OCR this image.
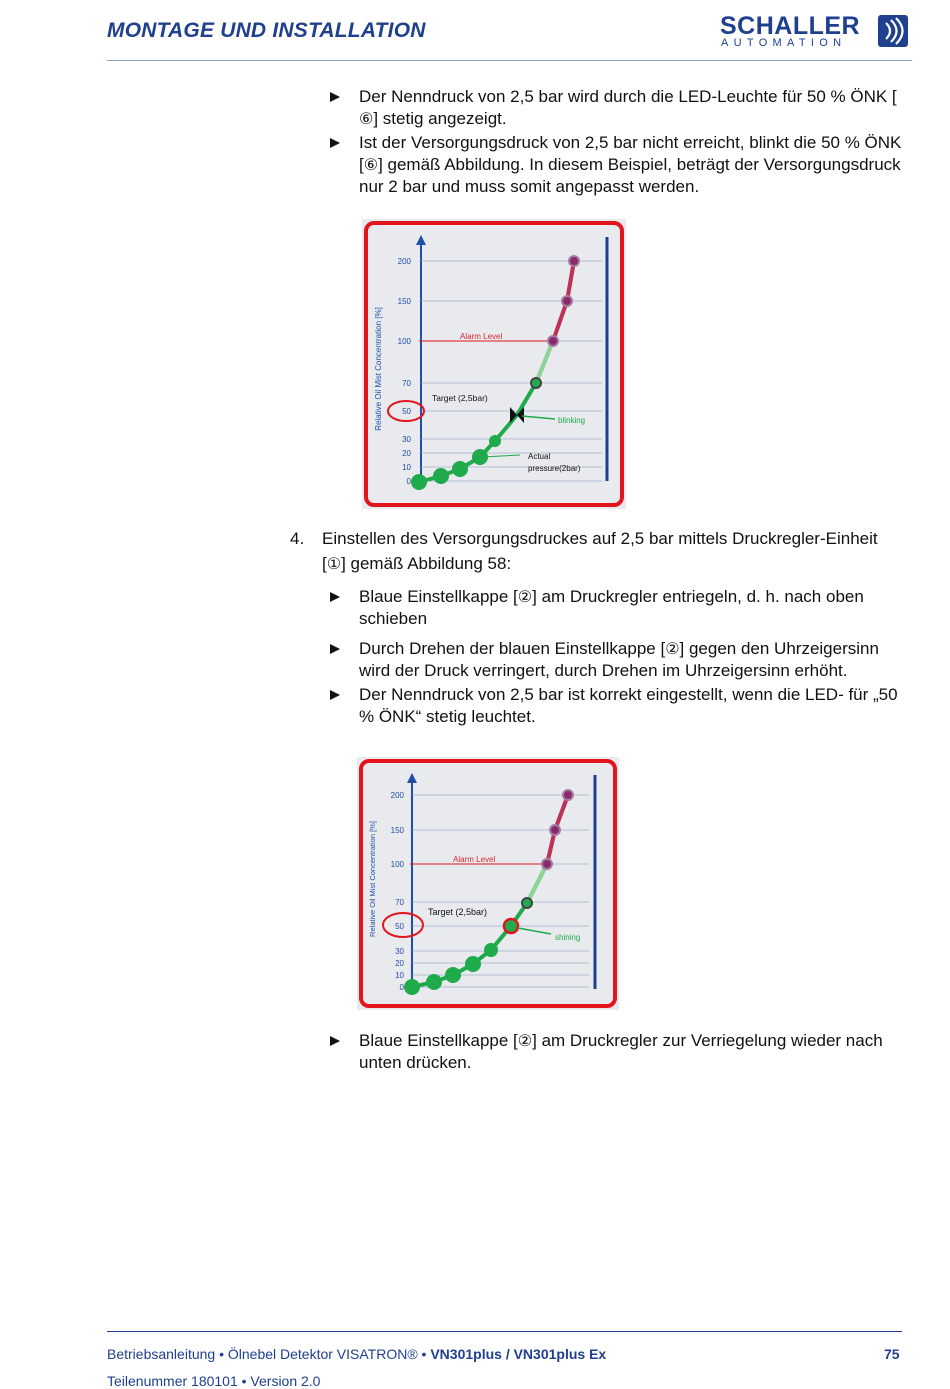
MONTAGE UND INSTALLATION	SCHALLER
AUTOMATION
Der Nenndruck von 2,5 bar wird durch die LED-Leuchte für 50 % ÖNK [⑥] stetig angezeigt.
Ist der Versorgungsdruck von 2,5 bar nicht erreicht, blinkt die 50 % ÖNK [⑥] gemäß Abbildung. In diesem Beispiel, beträgt der Versorgungsdruck nur 2 bar und muss somit angepasst werden.
Relative Oil Mist Concentration [%]
200
150
100
70
50
30
20
10
0
Alarm Level
Target (2,5bar)
blinking
Actual
pressure(2bar)
4. Einstellen des Versorgungsdruckes auf 2,5 bar mittels Druckregler-Einheit [①] gemäß Abbildung 58:
Blaue Einstellkappe [②] am Druckregler entriegeln, d. h. nach oben schieben
Durch Drehen der blauen Einstellkappe [②] gegen den Uhrzeigersinn wird der Druck verringert, durch Drehen im Uhrzeigersinn erhöht.
Der Nenndruck von 2,5 bar ist korrekt eingestellt, wenn die LED- für „50 % ÖNK“ stetig leuchtet.
Relative Oil Mist Concentration [%]
200
150
100
70
50
30
20
10
0
Alarm Level
Target (2,5bar)
shining
Blaue Einstellkappe [②] am Druckregler zur Verriegelung wieder nach unten drücken.
Betriebsanleitung • Ölnebel Detektor VISATRON® • VN301plus / VN301plus Ex	75
Teilenummer 180101 • Version 2.0
